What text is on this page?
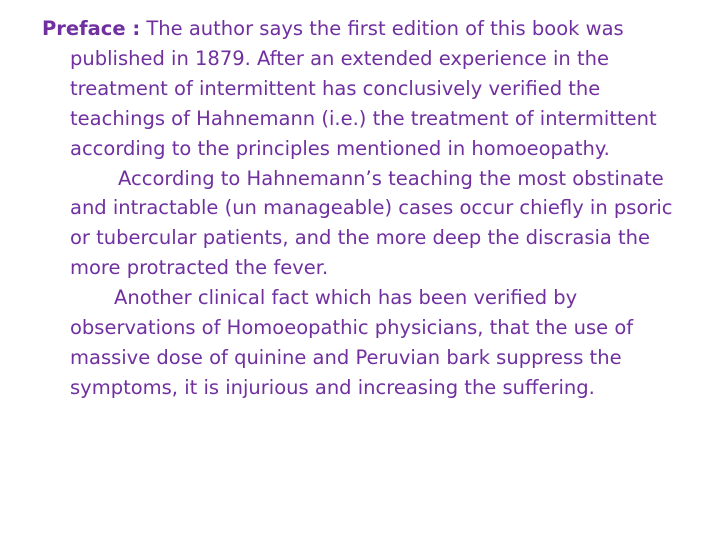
Preface : The author says the first edition of this book was published in 1879. After an extended experience in the treatment of intermittent has conclusively verified the teachings of Hahnemann (i.e.) the treatment of intermittent according to the principles mentioned in homoeopathy.

According to Hahnemann’s teaching the most obstinate and intractable (un manageable) cases occur chiefly in psoric or tubercular patients, and the more deep the discrasia the more protracted the fever.

Another clinical fact which has been verified by observations of Homoeopathic physicians, that the use of massive dose of quinine and Peruvian bark suppress the symptoms, it is injurious and increasing the suffering.
